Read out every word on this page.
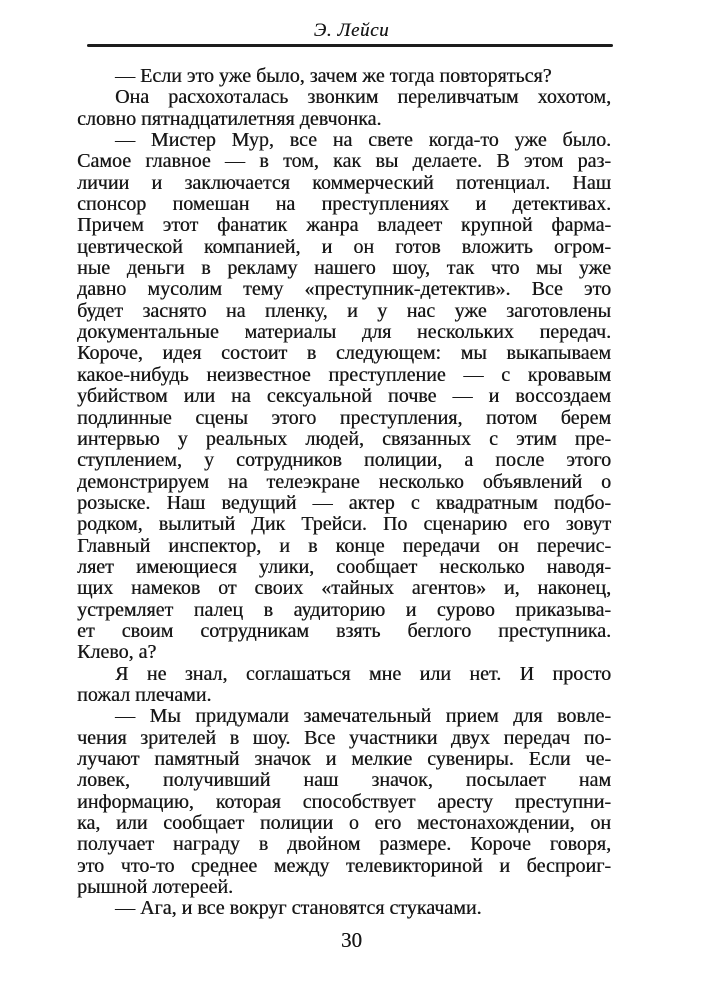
Э. Лейси
— Если это уже было, зачем же тогда повторяться?
Она расхохоталась звонким переливчатым хохотом,
словно пятнадцатилетняя девчонка.
— Мистер Мур, все на свете когда-то уже было.
Самое главное — в том, как вы делаете. В этом раз-
личии и заключается коммерческий потенциал. Наш
спонсор помешан на преступлениях и детективах.
Причем этот фанатик жанра владеет крупной фарма-
цевтической компанией, и он готов вложить огром-
ные деньги в рекламу нашего шоу, так что мы уже
давно мусолим тему «преступник-детектив». Все это
будет заснято на пленку, и у нас уже заготовлены
документальные материалы для нескольких передач.
Короче, идея состоит в следующем: мы выкапываем
какое-нибудь неизвестное преступление — с кровавым
убийством или на сексуальной почве — и воссоздаем
подлинные сцены этого преступления, потом берем
интервью у реальных людей, связанных с этим пре-
ступлением, у сотрудников полиции, а после этого
демонстрируем на телеэкране несколько объявлений о
розыске. Наш ведущий — актер с квадратным подбо-
родком, вылитый Дик Трейси. По сценарию его зовут
Главный инспектор, и в конце передачи он перечис-
ляет имеющиеся улики, сообщает несколько наводя-
щих намеков от своих «тайных агентов» и, наконец,
устремляет палец в аудиторию и сурово приказыва-
ет своим сотрудникам взять беглого преступника.
Клево, а?
Я не знал, соглашаться мне или нет. И просто
пожал плечами.
— Мы придумали замечательный прием для вовле-
чения зрителей в шоу. Все участники двух передач по-
лучают памятный значок и мелкие сувениры. Если че-
ловек, получивший наш значок, посылает нам
информацию, которая способствует аресту преступни-
ка, или сообщает полиции о его местонахождении, он
получает награду в двойном размере. Короче говоря,
это что-то среднее между телевикториной и беспроиг-
рышной лотереей.
— Ага, и все вокруг становятся стукачами.
30
